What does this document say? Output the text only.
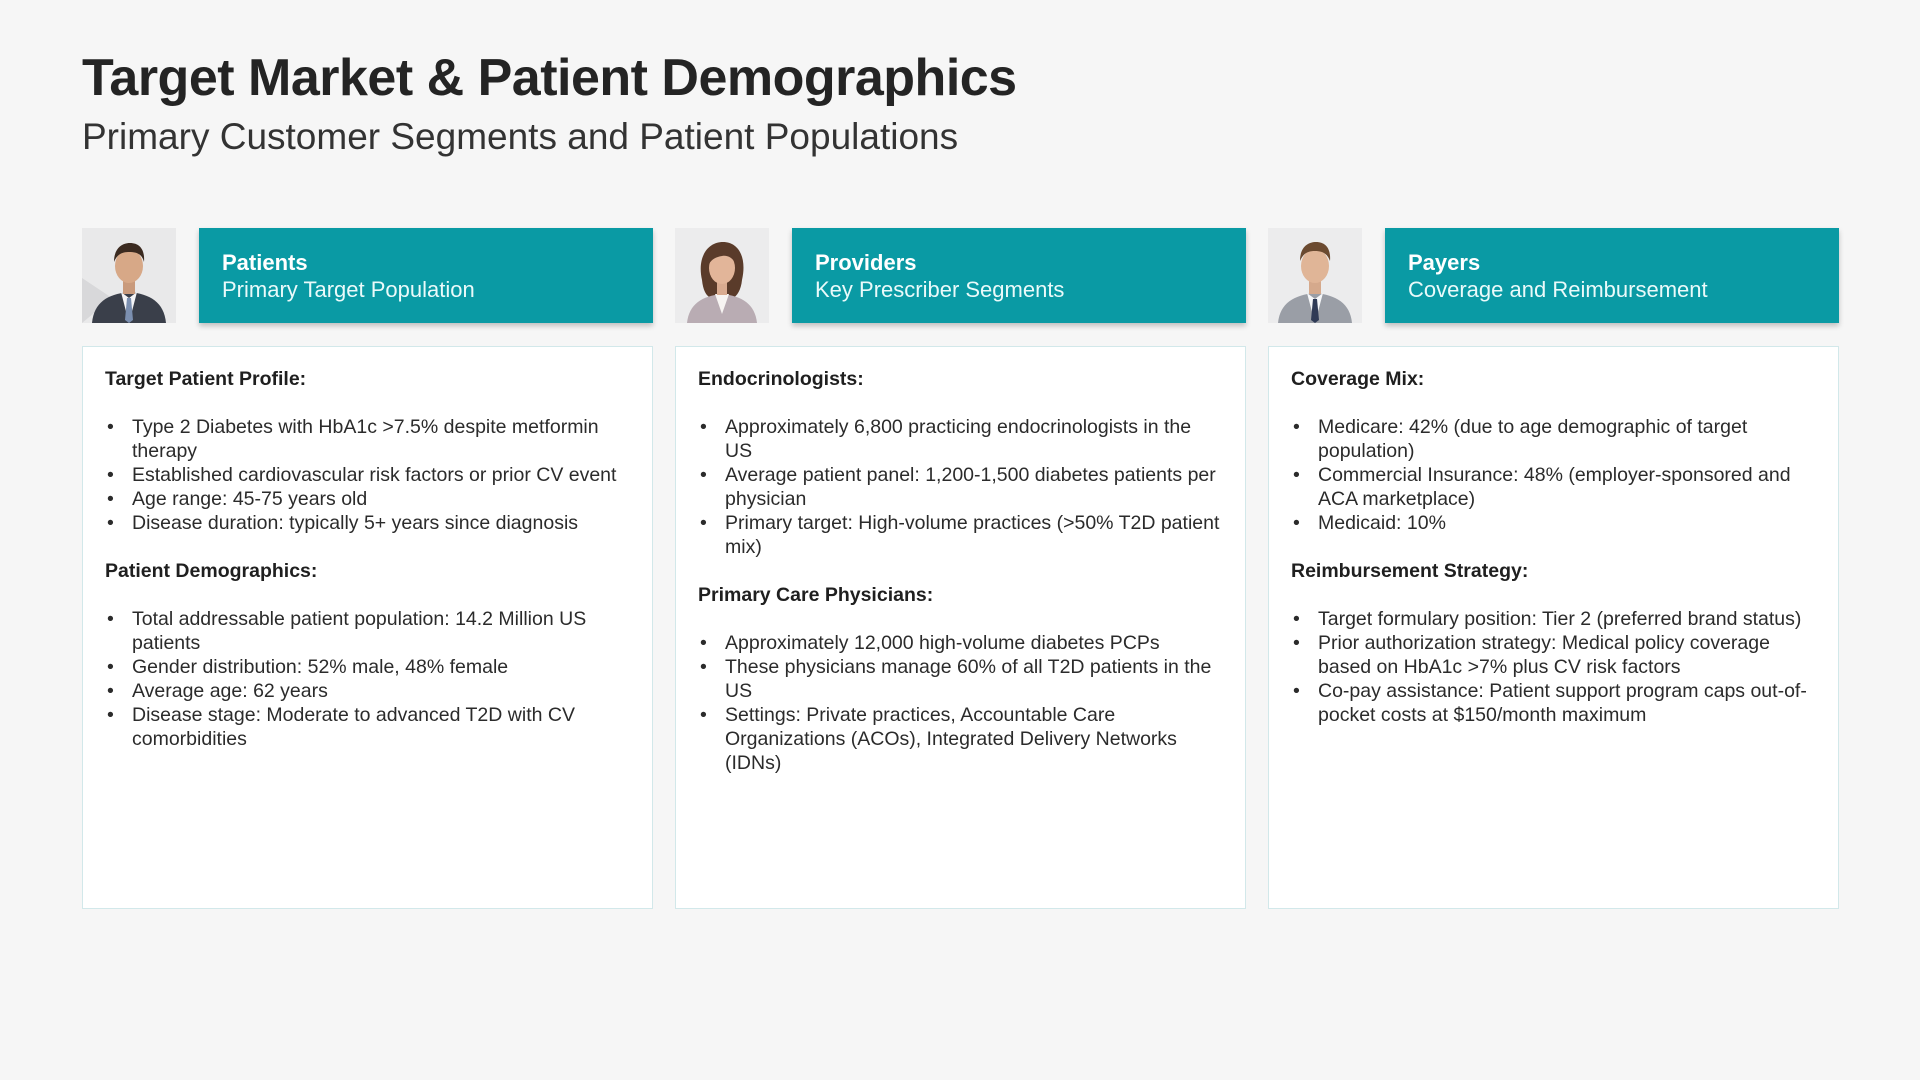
Target Market & Patient Demographics
Primary Customer Segments and Patient Populations
Patients
Primary Target Population
Target Patient Profile:
• Type 2 Diabetes with HbA1c >7.5% despite metformin therapy
• Established cardiovascular risk factors or prior CV event
• Age range: 45-75 years old
• Disease duration: typically 5+ years since diagnosis
Patient Demographics:
• Total addressable patient population: 14.2 Million US patients
• Gender distribution: 52% male, 48% female
• Average age: 62 years
• Disease stage: Moderate to advanced T2D with CV comorbidities
Providers
Key Prescriber Segments
Endocrinologists:
• Approximately 6,800 practicing endocrinologists in the US
• Average patient panel: 1,200-1,500 diabetes patients per physician
• Primary target: High-volume practices (>50% T2D patient mix)
Primary Care Physicians:
• Approximately 12,000 high-volume diabetes PCPs
• These physicians manage 60% of all T2D patients in the US
• Settings: Private practices, Accountable Care Organizations (ACOs), Integrated Delivery Networks (IDNs)
Payers
Coverage and Reimbursement
Coverage Mix:
• Medicare: 42% (due to age demographic of target population)
• Commercial Insurance: 48% (employer-sponsored and ACA marketplace)
• Medicaid: 10%
Reimbursement Strategy:
• Target formulary position: Tier 2 (preferred brand status)
• Prior authorization strategy: Medical policy coverage based on HbA1c >7% plus CV risk factors
• Co-pay assistance: Patient support program caps out-of-pocket costs at $150/month maximum
